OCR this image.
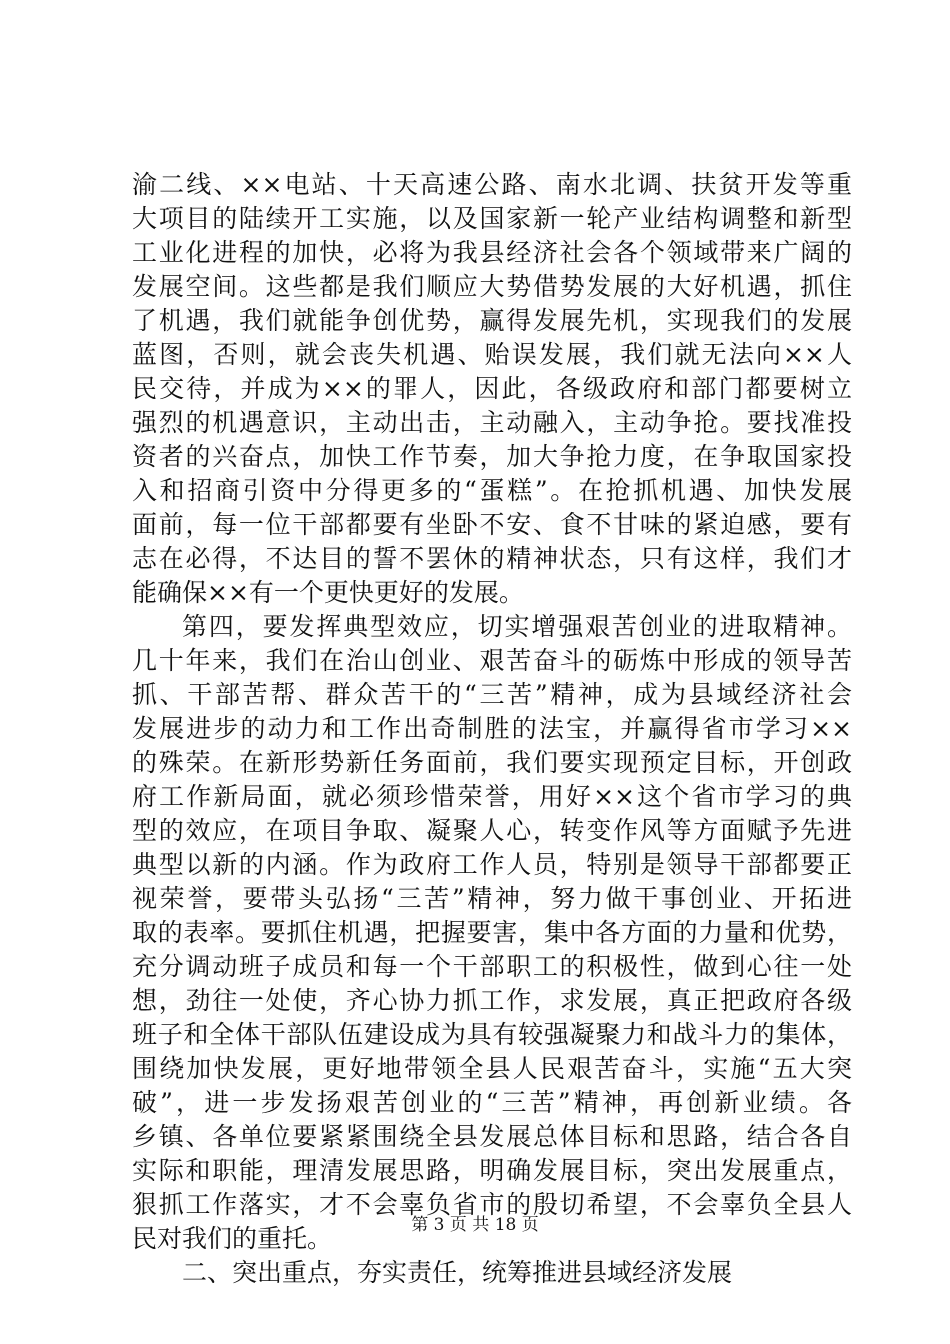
渝二线、××电站、十天高速公路、南水北调、扶贫开发等重
大项目的陆续开工实施，以及国家新一轮产业结构调整和新型
工业化进程的加快，必将为我县经济社会各个领域带来广阔的
发展空间。这些都是我们顺应大势借势发展的大好机遇，抓住
了机遇，我们就能争创优势，赢得发展先机，实现我们的发展
蓝图，否则，就会丧失机遇、贻误发展，我们就无法向××人
民交待，并成为××的罪人，因此，各级政府和部门都要树立
强烈的机遇意识，主动出击，主动融入，主动争抢。要找准投
资者的兴奋点，加快工作节奏，加大争抢力度，在争取国家投
入和招商引资中分得更多的“蛋糕”。在抢抓机遇、加快发展
面前，每一位干部都要有坐卧不安、食不甘味的紧迫感，要有
志在必得，不达目的誓不罢休的精神状态，只有这样，我们才
能确保××有一个更快更好的发展。
第四，要发挥典型效应，切实增强艰苦创业的进取精神。
几十年来，我们在治山创业、艰苦奋斗的砺炼中形成的领导苦
抓、干部苦帮、群众苦干的“三苦”精神，成为县域经济社会
发展进步的动力和工作出奇制胜的法宝，并赢得省市学习××
的殊荣。在新形势新任务面前，我们要实现预定目标，开创政
府工作新局面，就必须珍惜荣誉，用好××这个省市学习的典
型的效应，在项目争取、凝聚人心，转变作风等方面赋予先进
典型以新的内涵。作为政府工作人员，特别是领导干部都要正
视荣誉，要带头弘扬“三苦”精神，努力做干事创业、开拓进
取的表率。要抓住机遇，把握要害，集中各方面的力量和优势，
充分调动班子成员和每一个干部职工的积极性，做到心往一处
想，劲往一处使，齐心协力抓工作，求发展，真正把政府各级
班子和全体干部队伍建设成为具有较强凝聚力和战斗力的集体，
围绕加快发展，更好地带领全县人民艰苦奋斗，实施“五大突
破”，进一步发扬艰苦创业的“三苦”精神，再创新业绩。各
乡镇、各单位要紧紧围绕全县发展总体目标和思路，结合各自
实际和职能，理清发展思路，明确发展目标，突出发展重点，
狠抓工作落实，才不会辜负省市的殷切希望，不会辜负全县人
民对我们的重托。
二、突出重点，夯实责任，统筹推进县域经济发展
第 3 页 共 18 页
